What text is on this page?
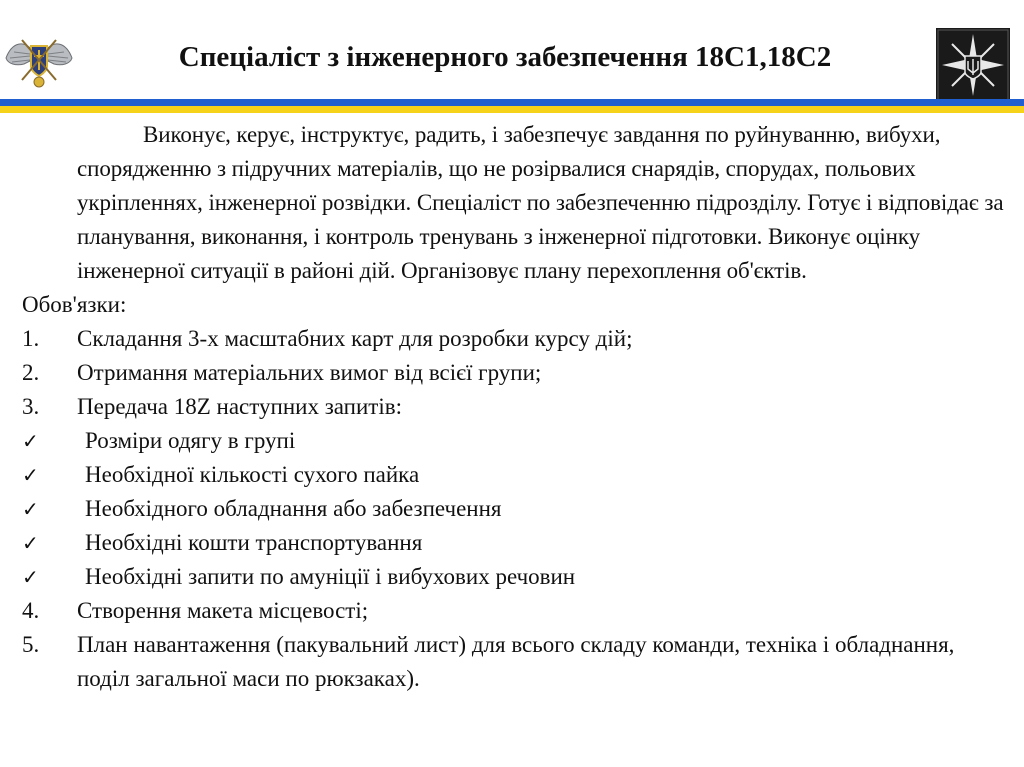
Спеціаліст з інженерного забезпечення 18С1,18С2

Виконує, керує, інструктує, радить, і забезпечує завдання по руйнуванню, вибухи, спорядженню з підручних матеріалів, що не розірвалися снарядів, спорудах, польових укріпленнях, інженерної розвідки. Спеціаліст по забезпеченню підрозділу. Готує і відповідає за планування, виконання, і контроль тренувань з інженерної підготовки. Виконує оцінку інженерної ситуації в районі дій. Організовує плану перехоплення об'єктів.

Обов'язки:
1.	Складання 3-х масштабних карт для розробки курсу дій;
2.	Отримання матеріальних вимог від всієї групи;
3.	Передача 18Z наступних запитів:
✓	Розміри одягу в групі
✓	Необхідної кількості сухого пайка
✓	Необхідного обладнання або забезпечення
✓	Необхідні кошти транспортування
✓	Необхідні запити по амуніції і вибухових речовин
4.	Створення макета місцевості;
5.	План навантаження (пакувальний лист) для всього складу команди, техніка і обладнання, поділ загальної маси по рюкзаках).
